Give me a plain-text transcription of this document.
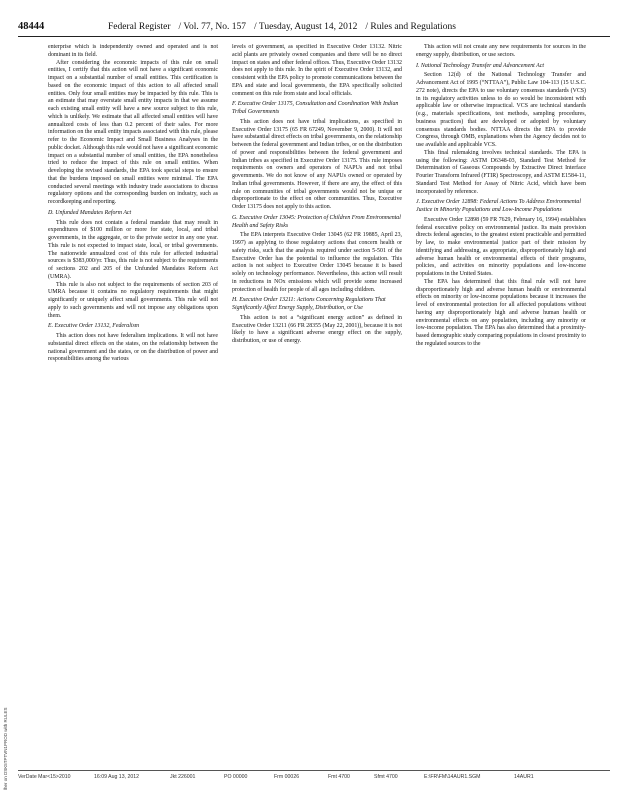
48444	Federal Register / Vol. 77, No. 157 / Tuesday, August 14, 2012 / Rules and Regulations

enterprise which is independently owned and operated and is not dominant in its field.

After considering the economic impacts of this rule on small entities, I certify that this action will not have a significant economic impact on a substantial number of small entities. This certification is based on the economic impact of this action to all affected small entities. Only four small entities may be impacted by this rule. This is an estimate that may overstate small entity impacts in that we assume each existing small entity will have a new source subject to this rule, which is unlikely. We estimate that all affected small entities will have annualized costs of less than 0.2 percent of their sales. For more information on the small entity impacts associated with this rule, please refer to the Economic Impact and Small Business Analyses in the public docket. Although this rule would not have a significant economic impact on a substantial number of small entities, the EPA nonetheless tried to reduce the impact of this rule on small entities. When developing the revised standards, the EPA took special steps to ensure that the burdens imposed on small entities were minimal. The EPA conducted several meetings with industry trade associations to discuss regulatory options and the corresponding burden on industry, such as recordkeeping and reporting.

D. Unfunded Mandates Reform Act

This rule does not contain a federal mandate that may result in expenditures of $100 million or more for state, local, and tribal governments, in the aggregate, or to the private sector in any one year. This rule is not expected to impact state, local, or tribal governments. The nationwide annualized cost of this rule for affected industrial sources is $383,000/yr. Thus, this rule is not subject to the requirements of sections 202 and 205 of the Unfunded Mandates Reform Act (UMRA).

This rule is also not subject to the requirements of section 203 of UMRA because it contains no regulatory requirements that might significantly or uniquely affect small governments. This rule will not apply to such governments and will not impose any obligations upon them.

E. Executive Order 13132, Federalism

This action does not have federalism implications. It will not have substantial direct effects on the states, on the relationship between the national government and the states, or on the distribution of power and responsibilities among the various

levels of government, as specified in Executive Order 13132. Nitric acid plants are privately owned companies and there will be no direct impact on states and other federal offices. Thus, Executive Order 13132 does not apply to this rule. In the spirit of Executive Order 13132, and consistent with the EPA policy to promote communications between the EPA and state and local governments, the EPA specifically solicited comment on this rule from state and local officials.

F. Executive Order 13175, Consultation and Coordination With Indian Tribal Governments

This action does not have tribal implications, as specified in Executive Order 13175 (65 FR 67249, November 9, 2000). It will not have substantial direct effects on tribal governments, on the relationship between the federal government and Indian tribes, or on the distribution of power and responsibilities between the federal government and Indian tribes as specified in Executive Order 13175. This rule imposes requirements on owners and operators of NAPUs and not tribal governments. We do not know of any NAPUs owned or operated by Indian tribal governments. However, if there are any, the effect of this rule on communities of tribal governments would not be unique or disproportionate to the effect on other communities. Thus, Executive Order 13175 does not apply to this action.

G. Executive Order 13045: Protection of Children From Environmental Health and Safety Risks

The EPA interprets Executive Order 13045 (62 FR 19885, April 23, 1997) as applying to those regulatory actions that concern health or safety risks, such that the analysis required under section 5-501 of the Executive Order has the potential to influence the regulation. This action is not subject to Executive Order 13045 because it is based solely on technology performance. Nevertheless, this action will result in reductions in NOx emissions which will provide some increased protection of health for people of all ages including children.

H. Executive Order 13211: Actions Concerning Regulations That Significantly Affect Energy Supply, Distribution, or Use

This action is not a “significant energy action” as defined in Executive Order 13211 (66 FR 28355 (May 22, 2001)), because it is not likely to have a significant adverse energy effect on the supply, distribution, or use of energy.

This action will not create any new requirements for sources in the energy supply, distribution, or use sectors.

I. National Technology Transfer and Advancement Act

Section 12(d) of the National Technology Transfer and Advancement Act of 1995 (“NTTAA”), Public Law 104-113 (15 U.S.C. 272 note), directs the EPA to use voluntary consensus standards (VCS) in its regulatory activities unless to do so would be inconsistent with applicable law or otherwise impractical. VCS are technical standards (e.g., materials specifications, test methods, sampling procedures, business practices) that are developed or adopted by voluntary consensus standards bodies. NTTAA directs the EPA to provide Congress, through OMB, explanations when the Agency decides not to use available and applicable VCS.

This final rulemaking involves technical standards. The EPA is using the following: ASTM D6348-03, Standard Test Method for Determination of Gaseous Compounds by Extractive Direct Interface Fourier Transform Infrared (FTIR) Spectroscopy, and ASTM E1584-11, Standard Test Method for Assay of Nitric Acid, which have been incorporated by reference.

J. Executive Order 12898: Federal Actions To Address Environmental Justice in Minority Populations and Low-Income Populations

Executive Order 12898 (59 FR 7629, February 16, 1994) establishes federal executive policy on environmental justice. Its main provision directs federal agencies, to the greatest extent practicable and permitted by law, to make environmental justice part of their mission by identifying and addressing, as appropriate, disproportionately high and adverse human health or environmental effects of their programs, policies, and activities on minority populations and low-income populations in the United States.

The EPA has determined that this final rule will not have disproportionately high and adverse human health or environmental effects on minority or low-income populations because it increases the level of environmental protection for all affected populations without having any disproportionately high and adverse human health or environmental effects on any population, including any minority or low-income population. The EPA has also determined that a proximity-based demographic study comparing populations in closest proximity to the regulated sources to the

lher on DSK5TPTVN1PROD with RULES	VerDate Mar<15>2010	16:09 Aug 13, 2012	Jkt 226001	PO 00000	Frm 00026	Fmt 4700	Sfmt 4700	E:\FR\FM\14AUR1.SGM	14AUR1
